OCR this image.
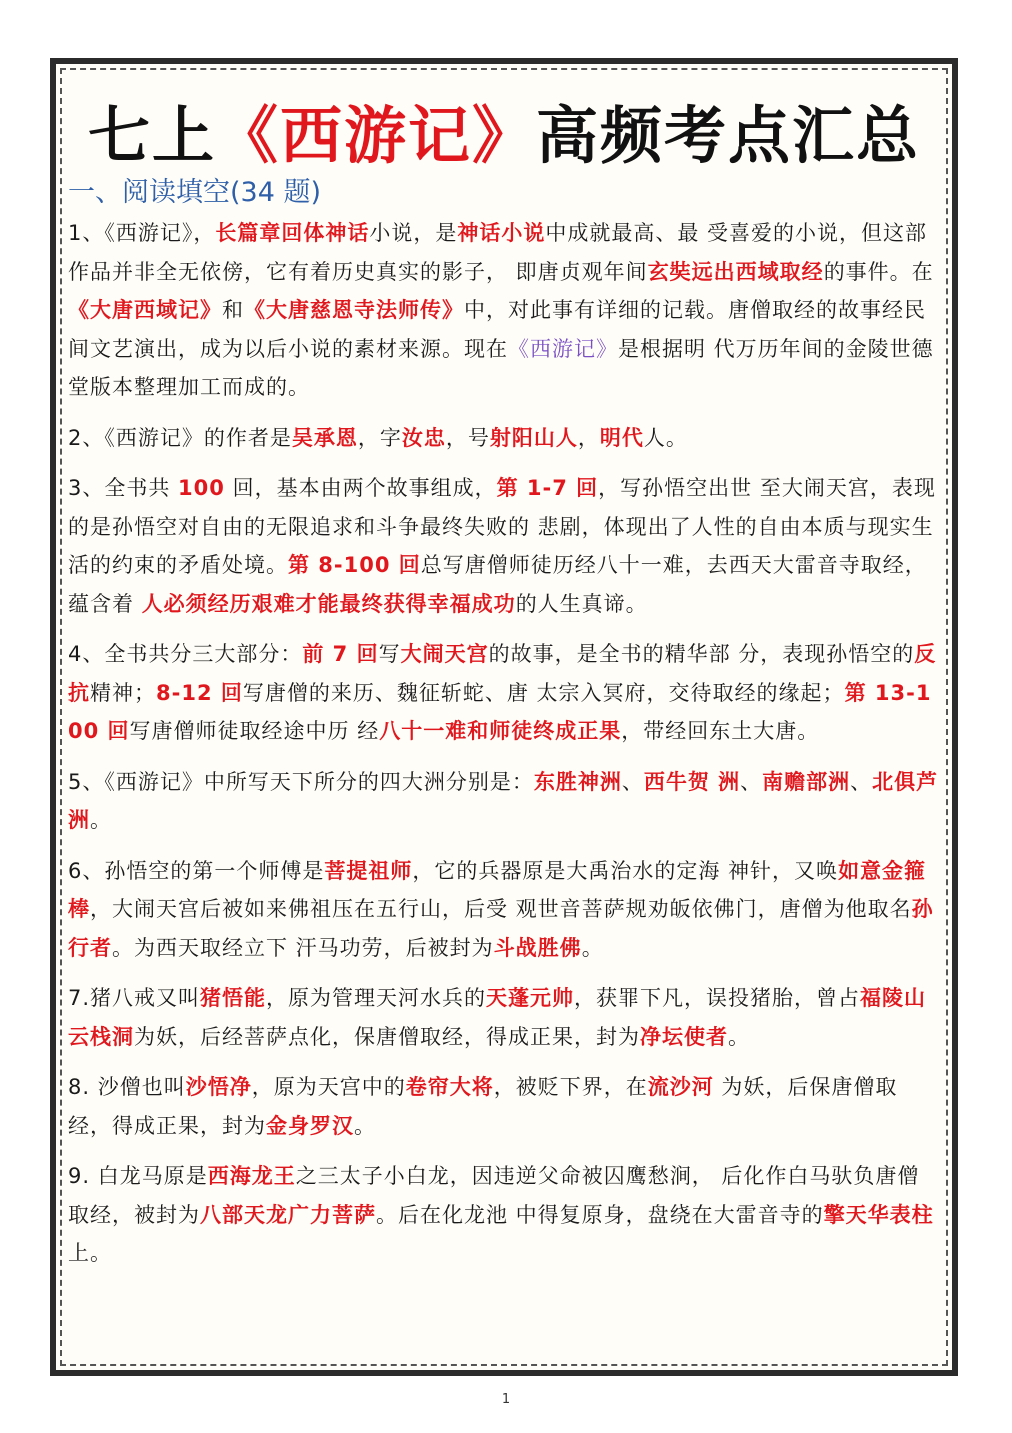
七上《西游记》高频考点汇总
一、阅读填空(34 题)

1、《西游记》，长篇章回体神话小说，是神话小说中成就最高、最 受喜爱的小说，但这部作品并非全无依傍，它有着历史真实的影子， 即唐贞观年间玄奘远出西域取经的事件。在《大唐西域记》和《大唐慈恩寺法师传》中，对此事有详细的记载。唐僧取经的故事经民 间文艺演出，成为以后小说的素材来源。现在《西游记》是根据明 代万历年间的金陵世德堂版本整理加工而成的。

2、《西游记》的作者是吴承恩，字汝忠，号射阳山人，明代人。

3、全书共 100 回，基本由两个故事组成，第 1-7 回，写孙悟空出世 至大闹天宫，表现的是孙悟空对自由的无限追求和斗争最终失败的 悲剧，体现出了人性的自由本质与现实生活的约束的矛盾处境。第 8-100 回总写唐僧师徒历经八十一难，去西天大雷音寺取经，蕴含着 人必须经历艰难才能最终获得幸福成功的人生真谛。

4、全书共分三大部分：前 7 回写大闹天宫的故事，是全书的精华部 分，表现孙悟空的反抗精神；8-12 回写唐僧的来历、魏征斩蛇、唐 太宗入冥府，交待取经的缘起；第 13-100 回写唐僧师徒取经途中历 经八十一难和师徒终成正果，带经回东土大唐。

5、《西游记》中所写天下所分的四大洲分别是：东胜神洲、西牛贺 洲、南赡部洲、北俱芦洲。

6、孙悟空的第一个师傅是菩提祖师，它的兵器原是大禹治水的定海 神针，又唤如意金箍棒，大闹天宫后被如来佛祖压在五行山，后受 观世音菩萨规劝皈依佛门，唐僧为他取名孙行者。为西天取经立下 汗马功劳，后被封为斗战胜佛。

7.猪八戒又叫猪悟能，原为管理天河水兵的天蓬元帅，获罪下凡，误投猪胎，曾占福陵山云栈洞为妖，后经菩萨点化，保唐僧取经，得成正果，封为净坛使者。

8. 沙僧也叫沙悟净，原为天宫中的卷帘大将，被贬下界，在流沙河 为妖，后保唐僧取经，得成正果，封为金身罗汉。

9. 白龙马原是西海龙王之三太子小白龙，因违逆父命被囚鹰愁涧， 后化作白马驮负唐僧取经，被封为八部天龙广力菩萨。后在化龙池 中得复原身，盘绕在大雷音寺的擎天华表柱上。

1
